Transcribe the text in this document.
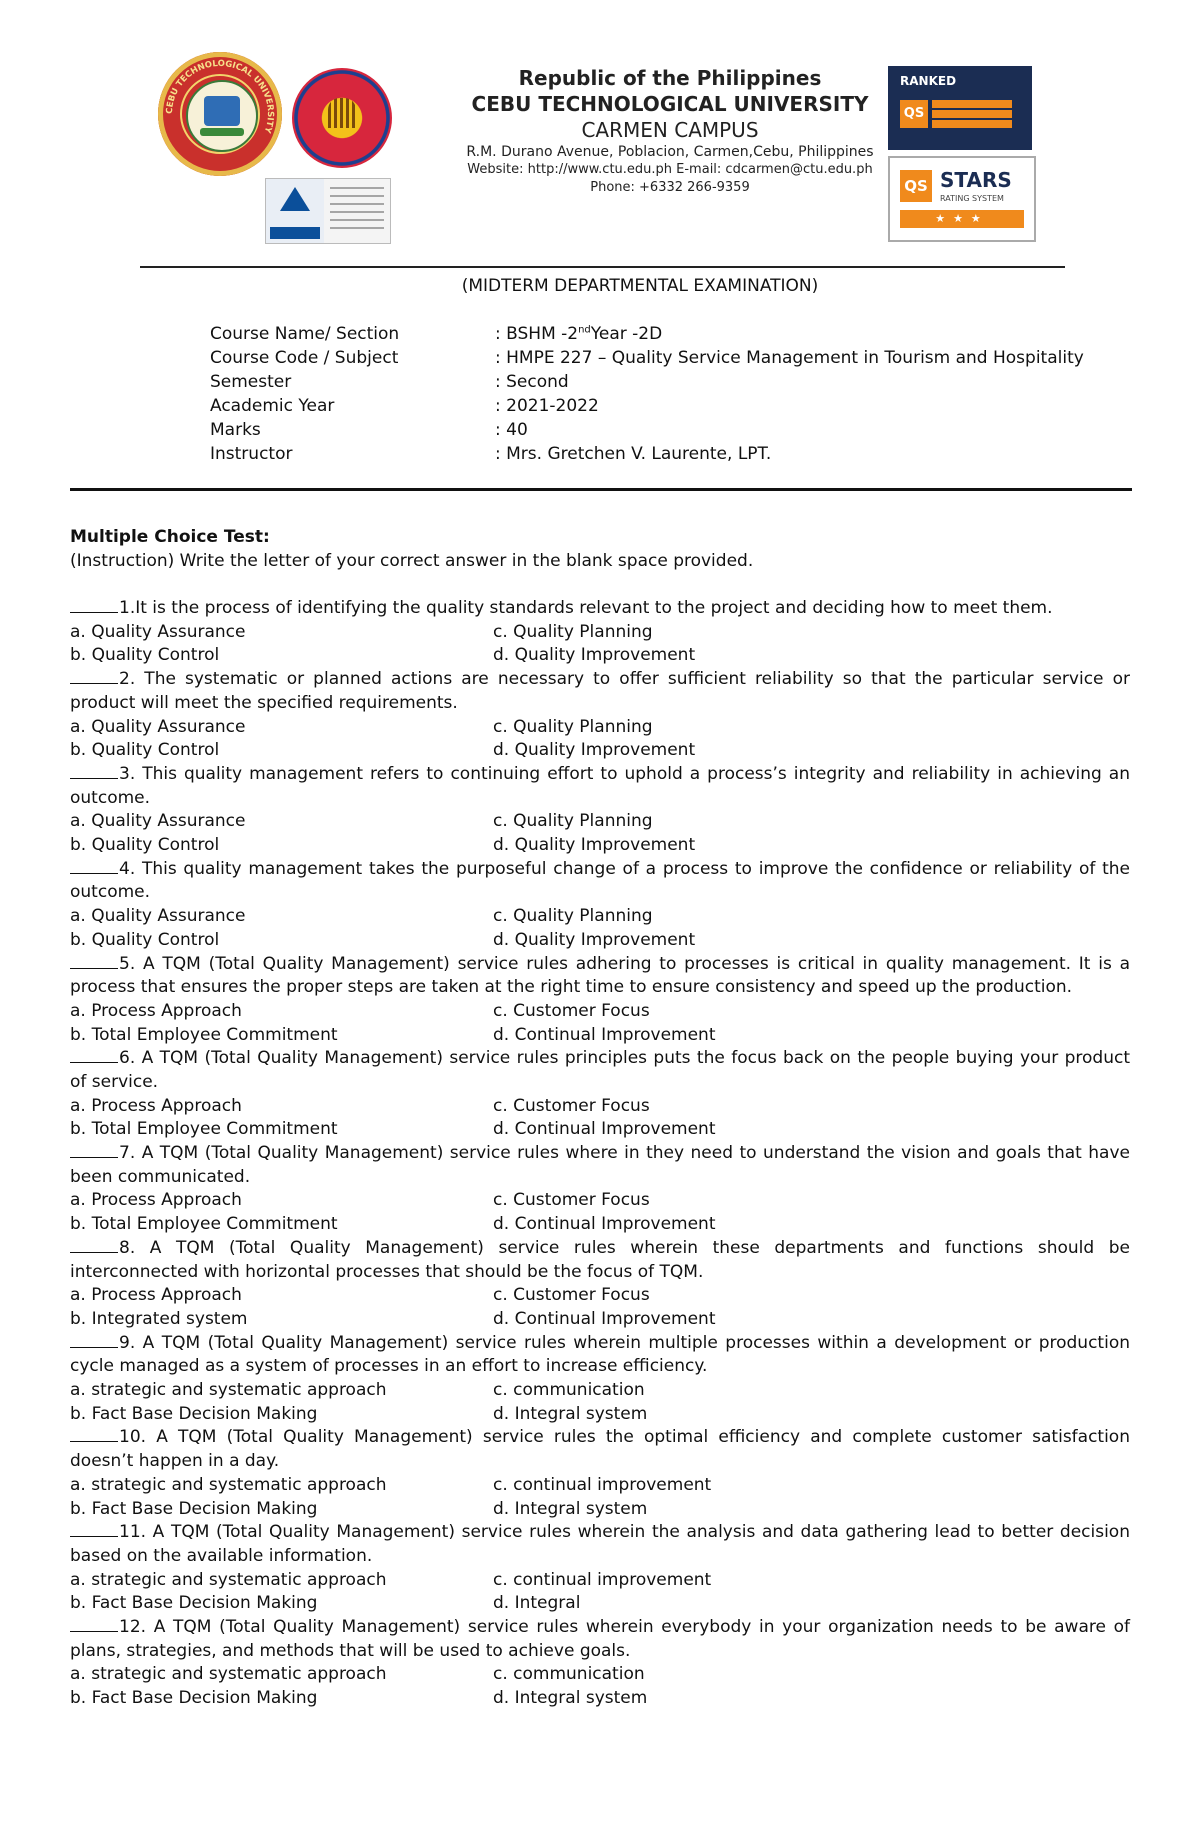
CEBU TECHNOLOGICAL UNIVERSITY
Republic of the Philippines
CEBU TECHNOLOGICAL UNIVERSITY
CARMEN CAMPUS
R.M. Durano Avenue, Poblacion, Carmen,Cebu, Philippines
Website: http://www.ctu.edu.ph E-mail: cdcarmen@ctu.edu.ph
Phone: +6332 266-9359
RANKED
QS
QS STARS
RATING SYSTEM
★★★
(MIDTERM DEPARTMENTAL EXAMINATION)
Course Name/ Section	: BSHM -2ndYear -2D
Course Code / Subject	: HMPE 227 – Quality Service Management in Tourism and Hospitality
Semester	: Second
Academic Year	: 2021-2022
Marks	: 40
Instructor	: Mrs. Gretchen V. Laurente, LPT.
Multiple Choice Test:
(Instruction) Write the letter of your correct answer in the blank space provided.
1.It is the process of identifying the quality standards relevant to the project and deciding how to meet them.
a. Quality Assurance	c. Quality Planning
b. Quality Control	d. Quality Improvement
2. The systematic or planned actions are necessary to offer sufficient reliability so that the particular service or product will meet the specified requirements.
a. Quality Assurance	c. Quality Planning
b. Quality Control	d. Quality Improvement
3. This quality management refers to continuing effort to uphold a process’s integrity and reliability in achieving an outcome.
a. Quality Assurance	c. Quality Planning
b. Quality Control	d. Quality Improvement
4. This quality management takes the purposeful change of a process to improve the confidence or reliability of the outcome.
a. Quality Assurance	c. Quality Planning
b. Quality Control	d. Quality Improvement
5. A TQM (Total Quality Management) service rules adhering to processes is critical in quality management. It is a process that ensures the proper steps are taken at the right time to ensure consistency and speed up the production.
a. Process Approach	c. Customer Focus
b. Total Employee Commitment	d. Continual Improvement
6. A TQM (Total Quality Management) service rules principles puts the focus back on the people buying your product of service.
a. Process Approach	c. Customer Focus
b. Total Employee Commitment	d. Continual Improvement
7. A TQM (Total Quality Management) service rules where in they need to understand the vision and goals that have been communicated.
a. Process Approach	c. Customer Focus
b. Total Employee Commitment	d. Continual Improvement
8. A TQM (Total Quality Management) service rules wherein these departments and functions should be interconnected with horizontal processes that should be the focus of TQM.
a. Process Approach	c. Customer Focus
b. Integrated system	d. Continual Improvement
9. A TQM (Total Quality Management) service rules wherein multiple processes within a development or production cycle managed as a system of processes in an effort to increase efficiency.
a. strategic and systematic approach	c. communication
b. Fact Base Decision Making	d. Integral system
10. A TQM (Total Quality Management) service rules the optimal efficiency and complete customer satisfaction doesn’t happen in a day.
a. strategic and systematic approach	c. continual improvement
b. Fact Base Decision Making	d. Integral system
11. A TQM (Total Quality Management) service rules wherein the analysis and data gathering lead to better decision based on the available information.
a. strategic and systematic approach	c. continual improvement
b. Fact Base Decision Making	d. Integral
12. A TQM (Total Quality Management) service rules wherein everybody in your organization needs to be aware of plans, strategies, and methods that will be used to achieve goals.
a. strategic and systematic approach	c. communication
b. Fact Base Decision Making	d. Integral system
